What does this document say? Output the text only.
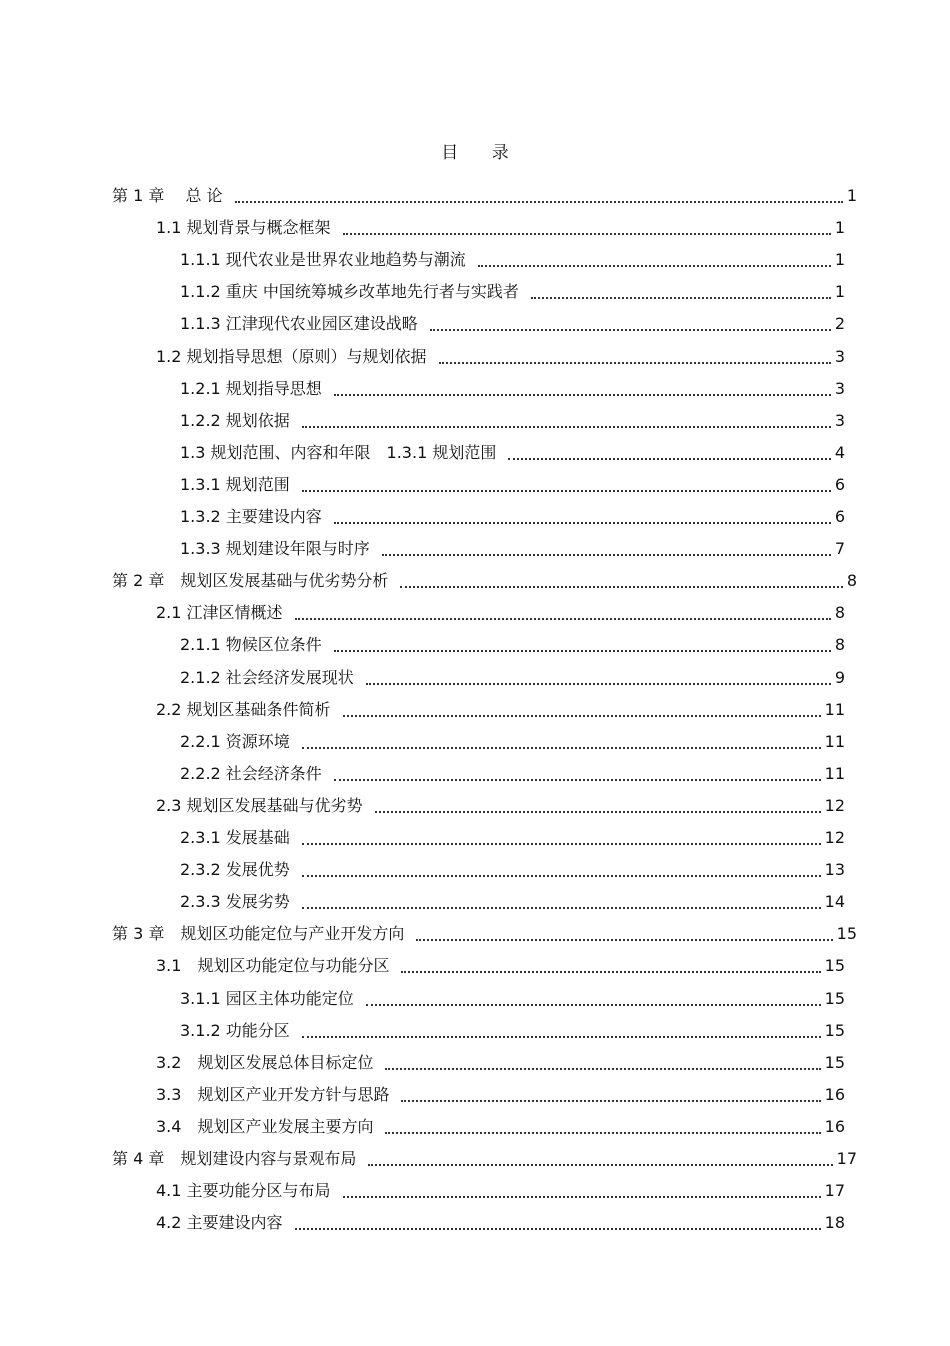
目 录
第 1 章　 总 论	1
1.1 规划背景与概念框架	1
1.1.1 现代农业是世界农业地趋势与潮流	1
1.1.2 重庆 中国统筹城乡改革地先行者与实践者	1
1.1.3 江津现代农业园区建设战略	2
1.2 规划指导思想（原则）与规划依据	3
1.2.1 规划指导思想	3
1.2.2 规划依据	3
1.3 规划范围、内容和年限　1.3.1 规划范围	4
1.3.1 规划范围	6
1.3.2 主要建设内容	6
1.3.3 规划建设年限与时序	7
第 2 章　规划区发展基础与优劣势分析	8
2.1 江津区情概述	8
2.1.1 物候区位条件	8
2.1.2 社会经济发展现状	9
2.2 规划区基础条件简析	11
2.2.1 资源环境	11
2.2.2 社会经济条件	11
2.3 规划区发展基础与优劣势	12
2.3.1 发展基础	12
2.3.2 发展优势	13
2.3.3 发展劣势	14
第 3 章　规划区功能定位与产业开发方向	15
3.1　规划区功能定位与功能分区	15
3.1.1 园区主体功能定位	15
3.1.2 功能分区	15
3.2　规划区发展总体目标定位	15
3.3　规划区产业开发方针与思路	16
3.4　规划区产业发展主要方向	16
第 4 章　规划建设内容与景观布局	17
4.1 主要功能分区与布局	17
4.2 主要建设内容	18
